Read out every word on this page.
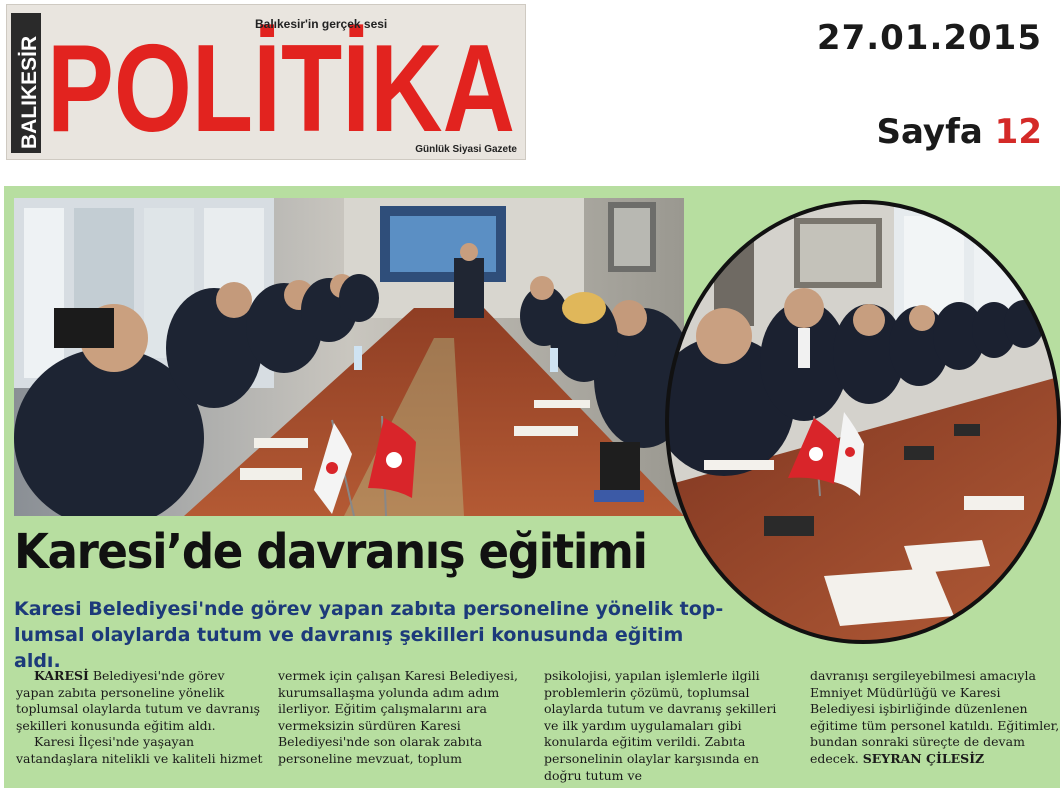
BALIKESİR POLİTİKA
Balıkesir'in gerçek sesi
Günlük Siyasi Gazete
27.01.2015
Sayfa 12
Karesi’de davranış eğitimi
Karesi Belediyesi'nde görev yapan zabıta personeline yönelik top-
lumsal olaylarda tutum ve davranış şekilleri konusunda eğitim aldı.

KARESİ Belediyesi'nde görev yapan zabıta personeline yönelik toplumsal olaylarda tutum ve davranış şekilleri konusunda eğitim aldı.

Karesi İlçesi'nde yaşayan vatandaşlara nitelikli ve kaliteli hizmet

vermek için çalışan Karesi Belediyesi, kurumsallaşma yolunda adım adım ilerliyor. Eğitim çalışmalarını ara vermeksizin sürdüren Karesi Belediyesi'nde son olarak zabıta personeline mevzuat, toplum
psikolojisi, yapılan işlemlerle ilgili problemlerin çözümü, toplumsal olaylarda tutum ve davranış şekilleri ve ilk yardım uygulamaları gibi konularda eğitim verildi. Zabıta personelinin olaylar karşısında en doğru tutum ve
davranışı sergileyebilmesi amacıyla Emniyet Müdürlüğü ve Karesi Belediyesi işbirliğinde düzenlenen eğitime tüm personel katıldı. Eğitimler, bundan sonraki süreçte de devam edecek. SEYRAN ÇİLESİZ
